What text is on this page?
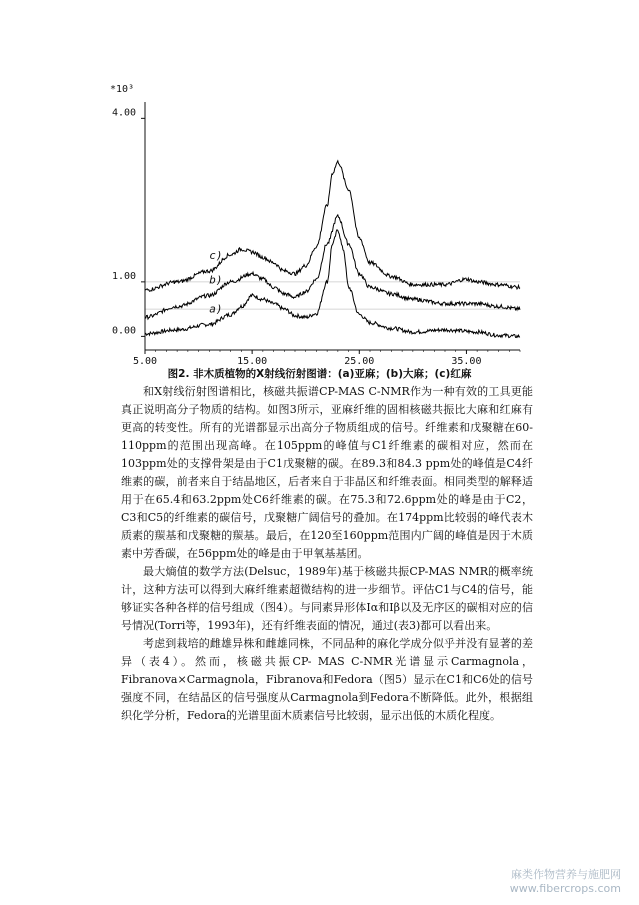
*10³
0.00
1.00
4.00
5.00	15.00	25.00	35.00
a)
b)
c)
图2. 非木质植物的X射线衍射图谱：(a)亚麻；(b)大麻；(c)红麻

和X射线衍射图谱相比，核磁共振谱CP-MAS C-NMR作为一种有效的工具更能真正说明高分子物质的结构。如图3所示，亚麻纤维的固相核磁共振比大麻和红麻有更高的转变性。所有的光谱都显示出高分子物质组成的信号。纤维素和戊聚糖在60-110ppm的范围出现高峰。在105ppm的峰值与C1纤维素的碳相对应，然而在103ppm处的支撑骨架是由于C1戊聚糖的碳。在89.3和84.3 ppm处的峰值是C4纤维素的碳，前者来自于结晶地区，后者来自于非晶区和纤维表面。相同类型的解释适用于在65.4和63.2ppm处C6纤维素的碳。在75.3和72.6ppm处的峰是由于C2，C3和C5的纤维素的碳信号，戊聚糖广阔信号的叠加。在174ppm比较弱的峰代表木质素的羰基和戊聚糖的羰基。最后，在120至160ppm范围内广阔的峰值是因于木质素中芳香碳，在56ppm处的峰是由于甲氧基基团。

最大熵值的数学方法(Delsuc，1989年)基于核磁共振CP-MAS NMR的概率统计，这种方法可以得到大麻纤维素超微结构的进一步细节。评估C1与C4的信号，能够证实各种各样的信号组成（图4）。与同素异形体Iα和Iβ以及无序区的碳相对应的信号情况(Torri等，1993年)，还有纤维表面的情况，通过(表3)都可以看出来。

考虑到栽培的雌雄异株和雌雄同株，不同品种的麻化学成分似乎并没有显著的差异（表4）。然而，核磁共振CP- MAS C-NMR光谱显示Carmagnola，Fibranova×Carmagnola，Fibranova和Fedora（图5）显示在C1和C6处的信号强度不同，在结晶区的信号强度从Carmagnola到Fedora不断降低。此外，根据组织化学分析，Fedora的光谱里面木质素信号比较弱，显示出低的木质化程度。

麻类作物营养与施肥网
www.fibercrops.com
